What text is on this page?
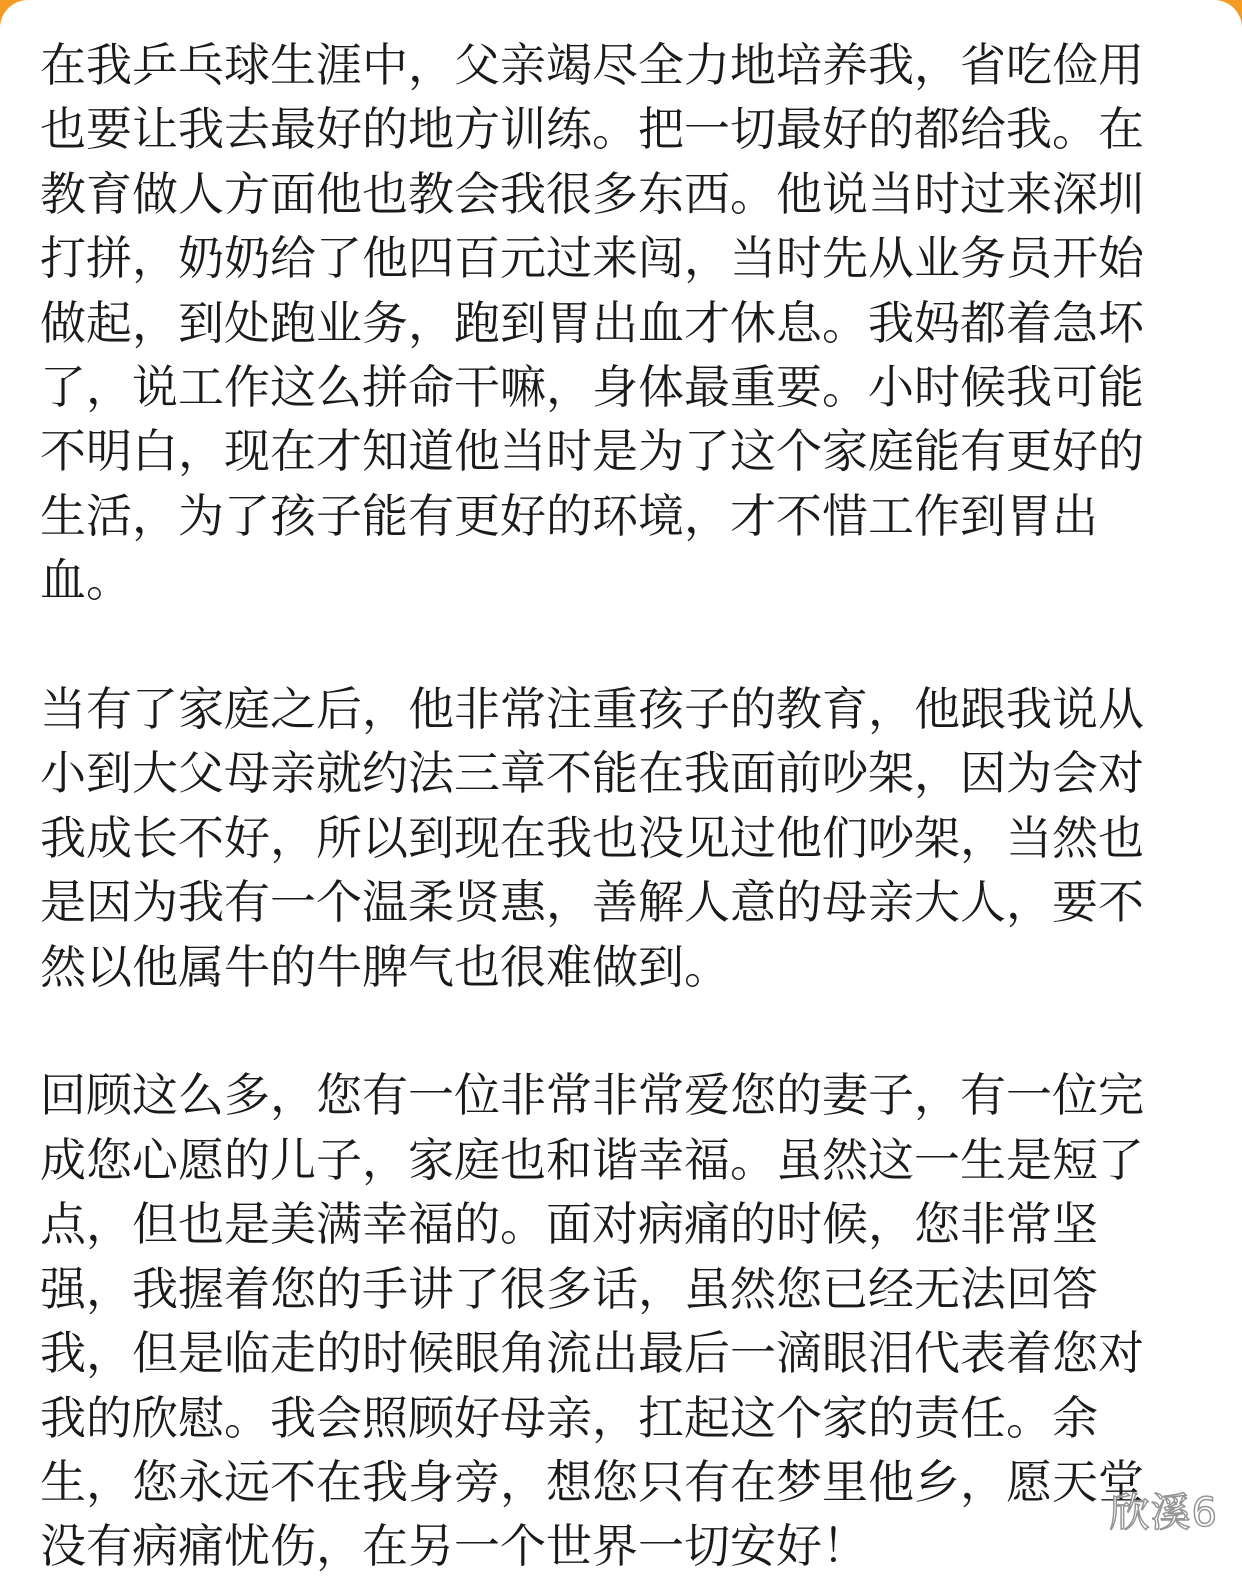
在我乒乓球生涯中，父亲竭尽全力地培养我，省吃俭用
也要让我去最好的地方训练。把一切最好的都给我。在
教育做人方面他也教会我很多东西。他说当时过来深圳
打拼，奶奶给了他四百元过来闯，当时先从业务员开始
做起，到处跑业务，跑到胃出血才休息。我妈都着急坏
了，说工作这么拼命干嘛，身体最重要。小时候我可能
不明白，现在才知道他当时是为了这个家庭能有更好的
生活，为了孩子能有更好的环境，才不惜工作到胃出
血。

当有了家庭之后，他非常注重孩子的教育，他跟我说从
小到大父母亲就约法三章不能在我面前吵架，因为会对
我成长不好，所以到现在我也没见过他们吵架，当然也
是因为我有一个温柔贤惠，善解人意的母亲大人，要不
然以他属牛的牛脾气也很难做到。

回顾这么多，您有一位非常非常爱您的妻子，有一位完
成您心愿的儿子，家庭也和谐幸福。虽然这一生是短了
点，但也是美满幸福的。面对病痛的时候，您非常坚
强，我握着您的手讲了很多话，虽然您已经无法回答
我，但是临走的时候眼角流出最后一滴眼泪代表着您对
我的欣慰。我会照顾好母亲，扛起这个家的责任。余
生，您永远不在我身旁，想您只有在梦里他乡，愿天堂
没有病痛忧伤，在另一个世界一切安好！

欣溪6
